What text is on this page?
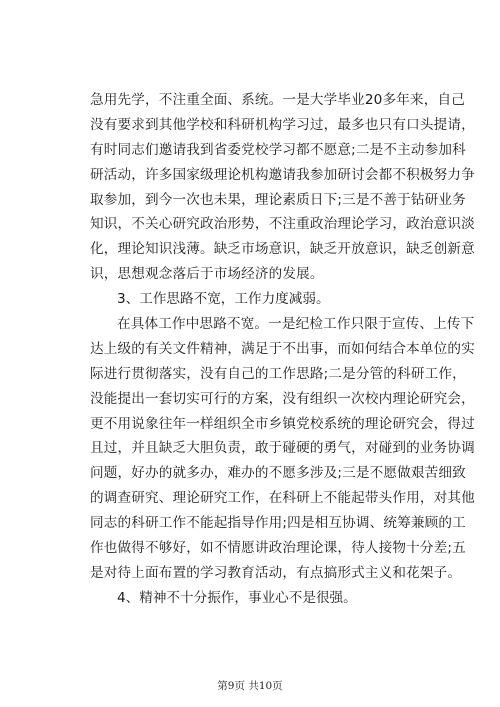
急用先学，不注重全面、系统。一是大学毕业20多年来，自己
没有要求到其他学校和科研机构学习过，最多也只有口头提请，
有时同志们邀请我到省委党校学习都不愿意;二是不主动参加科
研活动，许多国家级理论机构邀请我参加研讨会都不积极努力争
取参加，到今一次也未果，理论素质日下;三是不善于钻研业务
知识，不关心研究政治形势，不注重政治理论学习，政治意识淡
化，理论知识浅薄。缺乏市场意识，缺乏开放意识，缺乏创新意
识，思想观念落后于市场经济的发展。
3、工作思路不宽，工作力度减弱。
在具体工作中思路不宽。一是纪检工作只限于宣传、上传下
达上级的有关文件精神，满足于不出事，而如何结合本单位的实
际进行贯彻落实，没有自己的工作思路;二是分管的科研工作，
没能提出一套切实可行的方案，没有组织一次校内理论研究会，
更不用说象往年一样组织全市乡镇党校系统的理论研究会，得过
且过，并且缺乏大胆负责，敢于碰硬的勇气，对碰到的业务协调
问题，好办的就多办，难办的不愿多涉及;三是不愿做艰苦细致
的调查研究、理论研究工作，在科研上不能起带头作用，对其他
同志的科研工作不能起指导作用;四是相互协调、统筹兼顾的工
作也做得不够好，如不情愿讲政治理论课，待人接物十分差;五
是对待上面布置的学习教育活动，有点搞形式主义和花架子。
4、精神不十分振作，事业心不是很强。
第9页 共10页
